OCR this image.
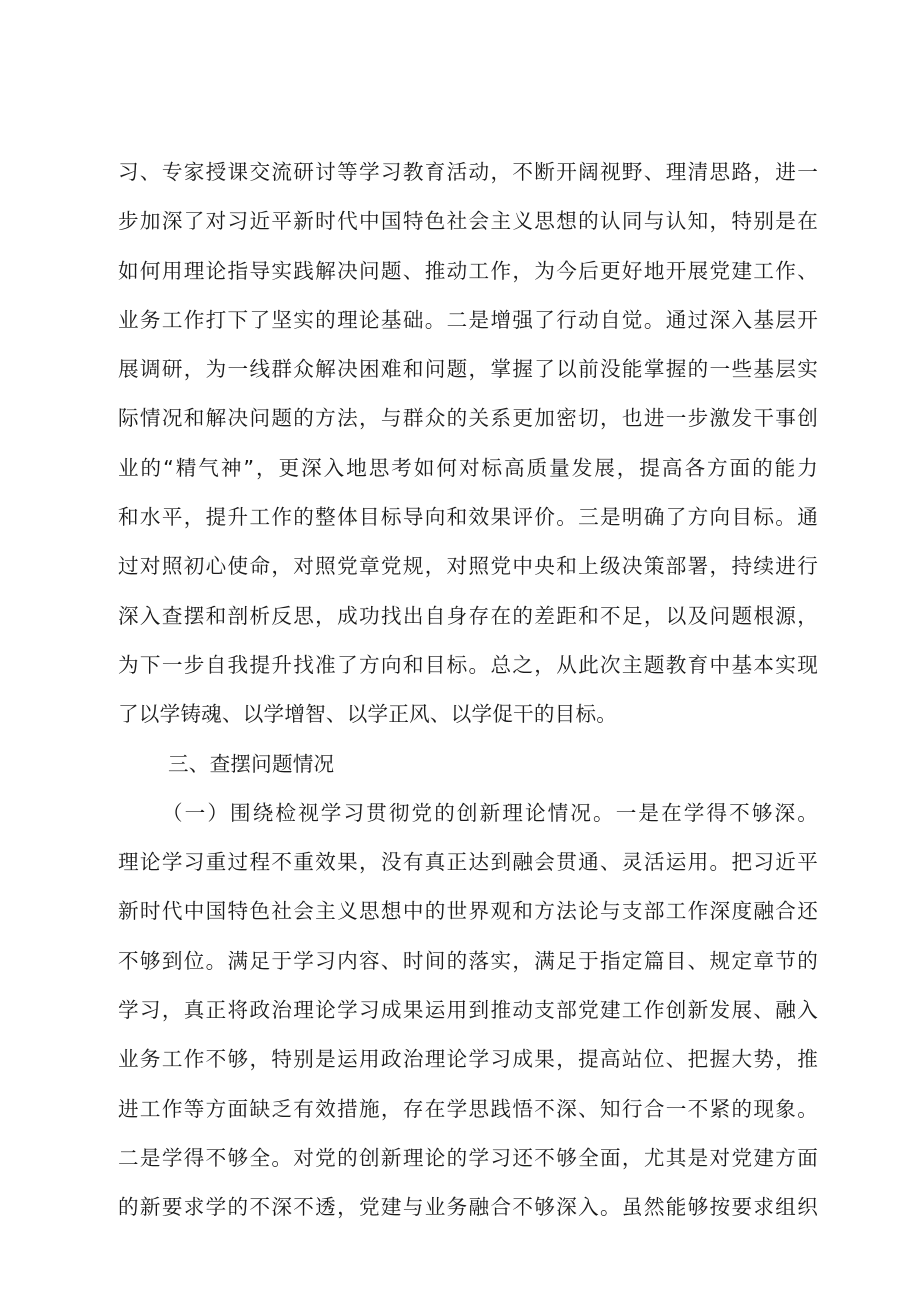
习、专家授课交流研讨等学习教育活动，不断开阔视野、理清思路，进一
步加深了对习近平新时代中国特色社会主义思想的认同与认知，特别是在
如何用理论指导实践解决问题、推动工作，为今后更好地开展党建工作、
业务工作打下了坚实的理论基础。二是增强了行动自觉。通过深入基层开
展调研，为一线群众解决困难和问题，掌握了以前没能掌握的一些基层实
际情况和解决问题的方法，与群众的关系更加密切，也进一步激发干事创
业的“精气神”，更深入地思考如何对标高质量发展，提高各方面的能力
和水平，提升工作的整体目标导向和效果评价。三是明确了方向目标。通
过对照初心使命，对照党章党规，对照党中央和上级决策部署，持续进行
深入查摆和剖析反思，成功找出自身存在的差距和不足，以及问题根源，
为下一步自我提升找准了方向和目标。总之，从此次主题教育中基本实现
了以学铸魂、以学增智、以学正风、以学促干的目标。
三、查摆问题情况
（一）围绕检视学习贯彻党的创新理论情况。一是在学得不够深。
理论学习重过程不重效果，没有真正达到融会贯通、灵活运用。把习近平
新时代中国特色社会主义思想中的世界观和方法论与支部工作深度融合还
不够到位。满足于学习内容、时间的落实，满足于指定篇目、规定章节的
学习，真正将政治理论学习成果运用到推动支部党建工作创新发展、融入
业务工作不够，特别是运用政治理论学习成果，提高站位、把握大势，推
进工作等方面缺乏有效措施，存在学思践悟不深、知行合一不紧的现象。
二是学得不够全。对党的创新理论的学习还不够全面，尤其是对党建方面
的新要求学的不深不透，党建与业务融合不够深入。虽然能够按要求组织
